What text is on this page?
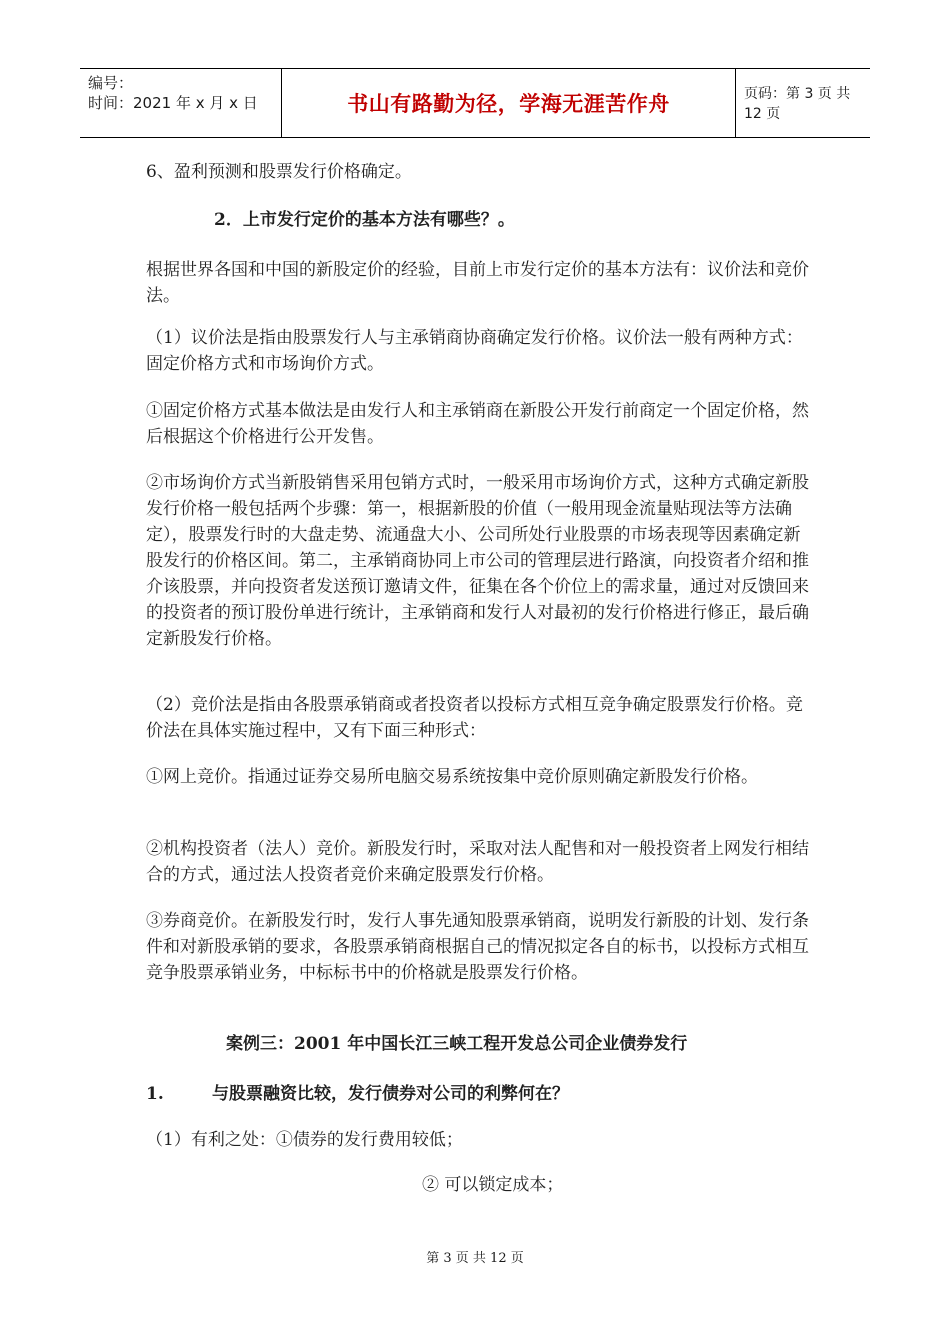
编号：
时间：2021 年 x 月 x 日	书山有路勤为径，学海无涯苦作舟	页码：第 3 页 共 12 页

6、盈利预测和股票发行价格确定。

2．上市发行定价的基本方法有哪些？。

根据世界各国和中国的新股定价的经验，目前上市发行定价的基本方法有：议价法和竞价法。

（1）议价法是指由股票发行人与主承销商协商确定发行价格。议价法一般有两种方式：固定价格方式和市场询价方式。

①固定价格方式基本做法是由发行人和主承销商在新股公开发行前商定一个固定价格，然后根据这个价格进行公开发售。

②市场询价方式当新股销售采用包销方式时，一般采用市场询价方式，这种方式确定新股发行价格一般包括两个步骤：第一，根据新股的价值（一般用现金流量贴现法等方法确定），股票发行时的大盘走势、流通盘大小、公司所处行业股票的市场表现等因素确定新股发行的价格区间。第二，主承销商协同上市公司的管理层进行路演，向投资者介绍和推介该股票，并向投资者发送预订邀请文件，征集在各个价位上的需求量，通过对反馈回来的投资者的预订股份单进行统计，主承销商和发行人对最初的发行价格进行修正，最后确定新股发行价格。

（2）竞价法是指由各股票承销商或者投资者以投标方式相互竞争确定股票发行价格。竞价法在具体实施过程中，又有下面三种形式：

①网上竞价。指通过证券交易所电脑交易系统按集中竞价原则确定新股发行价格。

②机构投资者（法人）竞价。新股发行时，采取对法人配售和对一般投资者上网发行相结合的方式，通过法人投资者竞价来确定股票发行价格。

③券商竞价。在新股发行时，发行人事先通知股票承销商，说明发行新股的计划、发行条件和对新股承销的要求，各股票承销商根据自己的情况拟定各自的标书，以投标方式相互竞争股票承销业务，中标标书中的价格就是股票发行价格。

案例三：2001 年中国长江三峡工程开发总公司企业债券发行

1.	与股票融资比较，发行债券对公司的利弊何在？

（1）有利之处：①债券的发行费用较低；

② 可以锁定成本；

第 3 页 共 12 页
